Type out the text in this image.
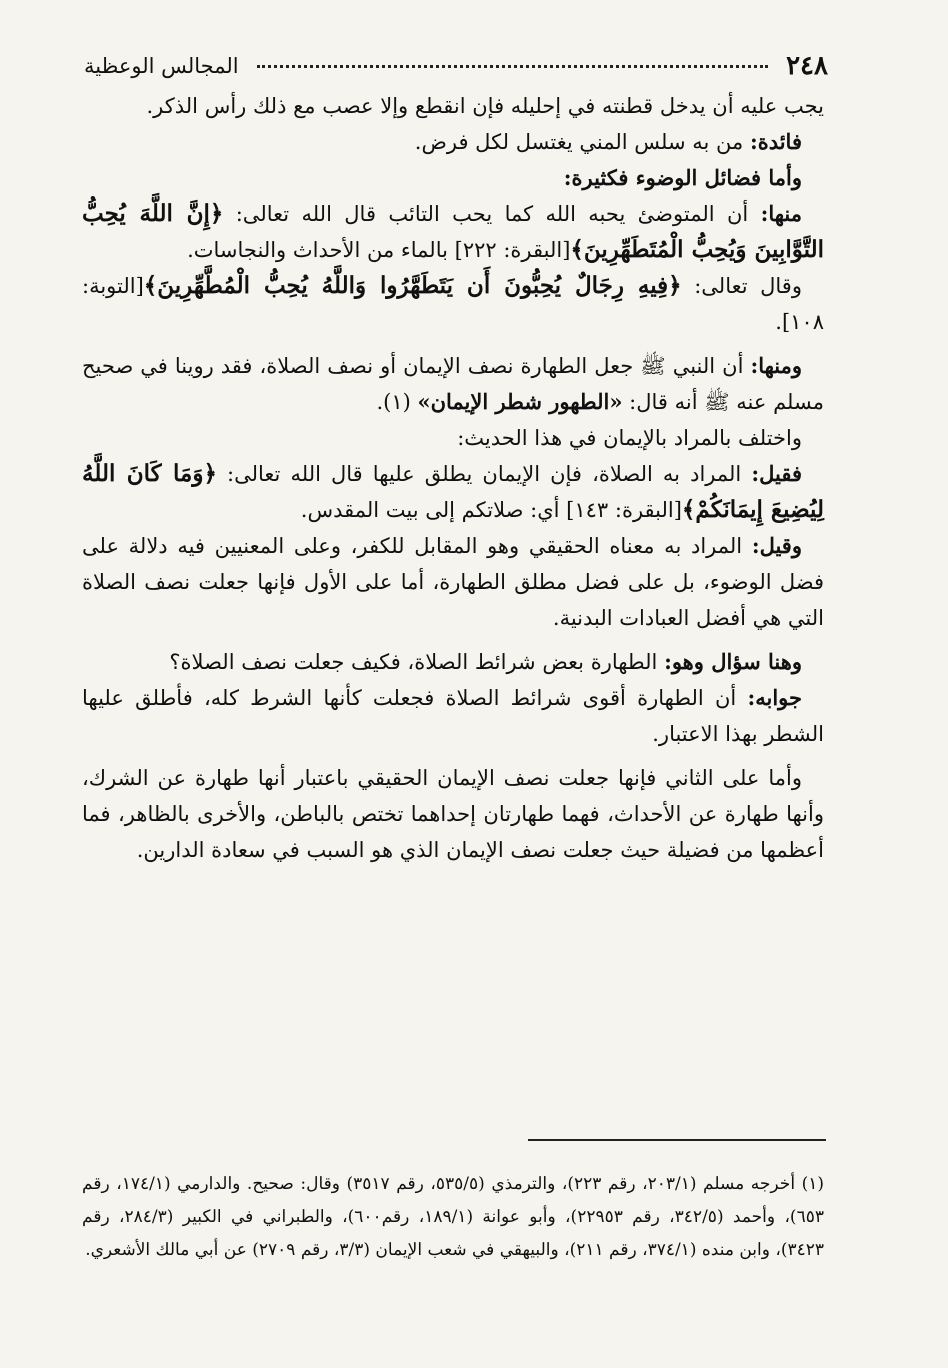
٢٤٨
المجالس الوعظية

يجب عليه أن يدخل قطنته في إحليله فإن انقطع وإلا عصب مع ذلك رأس الذكر.

فائدة: من به سلس المني يغتسل لكل فرض.

وأما فضائل الوضوء فكثيرة:

منها: أن المتوضئ يحبه الله كما يحب التائب قال الله تعالى: ﴿إِنَّ اللَّهَ يُحِبُّ التَّوَّابِينَ وَيُحِبُّ الْمُتَطَهِّرِينَ﴾[البقرة: ٢٢٢] بالماء من الأحداث والنجاسات.

وقال تعالى: ﴿فِيهِ رِجَالٌ يُحِبُّونَ أَن يَتَطَهَّرُوا وَاللَّهُ يُحِبُّ الْمُطَّهِّرِينَ﴾[التوبة: ١٠٨].

ومنها: أن النبي ﷺ جعل الطهارة نصف الإيمان أو نصف الصلاة، فقد روينا في صحيح مسلم عنه ﷺ أنه قال: «الطهور شطر الإيمان» (١).

واختلف بالمراد بالإيمان في هذا الحديث:

فقيل: المراد به الصلاة، فإن الإيمان يطلق عليها قال الله تعالى: ﴿وَمَا كَانَ اللَّهُ لِيُضِيعَ إِيمَانَكُمْ﴾[البقرة: ١٤٣] أي: صلاتكم إلى بيت المقدس.

وقيل: المراد به معناه الحقيقي وهو المقابل للكفر، وعلى المعنيين فيه دلالة على فضل الوضوء، بل على فضل مطلق الطهارة، أما على الأول فإنها جعلت نصف الصلاة التي هي أفضل العبادات البدنية.

وهنا سؤال وهو: الطهارة بعض شرائط الصلاة، فكيف جعلت نصف الصلاة؟

جوابه: أن الطهارة أقوى شرائط الصلاة فجعلت كأنها الشرط كله، فأطلق عليها الشطر بهذا الاعتبار.

وأما على الثاني فإنها جعلت نصف الإيمان الحقيقي باعتبار أنها طهارة عن الشرك، وأنها طهارة عن الأحداث، فهما طهارتان إحداهما تختص بالباطن، والأخرى بالظاهر، فما أعظمها من فضيلة حيث جعلت نصف الإيمان الذي هو السبب في سعادة الدارين.

(١) أخرجه مسلم (٢٠٣/١، رقم ٢٢٣)، والترمذي (٥٣٥/٥، رقم ٣٥١٧) وقال: صحيح. والدارمي (١٧٤/١، رقم ٦٥٣)، وأحمد (٣٤٢/٥، رقم ٢٢٩٥٣)، وأبو عوانة (١٨٩/١، رقم٦٠٠)، والطبراني في الكبير (٢٨٤/٣، رقم ٣٤٢٣)، وابن منده (٣٧٤/١، رقم ٢١١)، والبيهقي في شعب الإيمان (٣/٣، رقم ٢٧٠٩) عن أبي مالك الأشعري.
